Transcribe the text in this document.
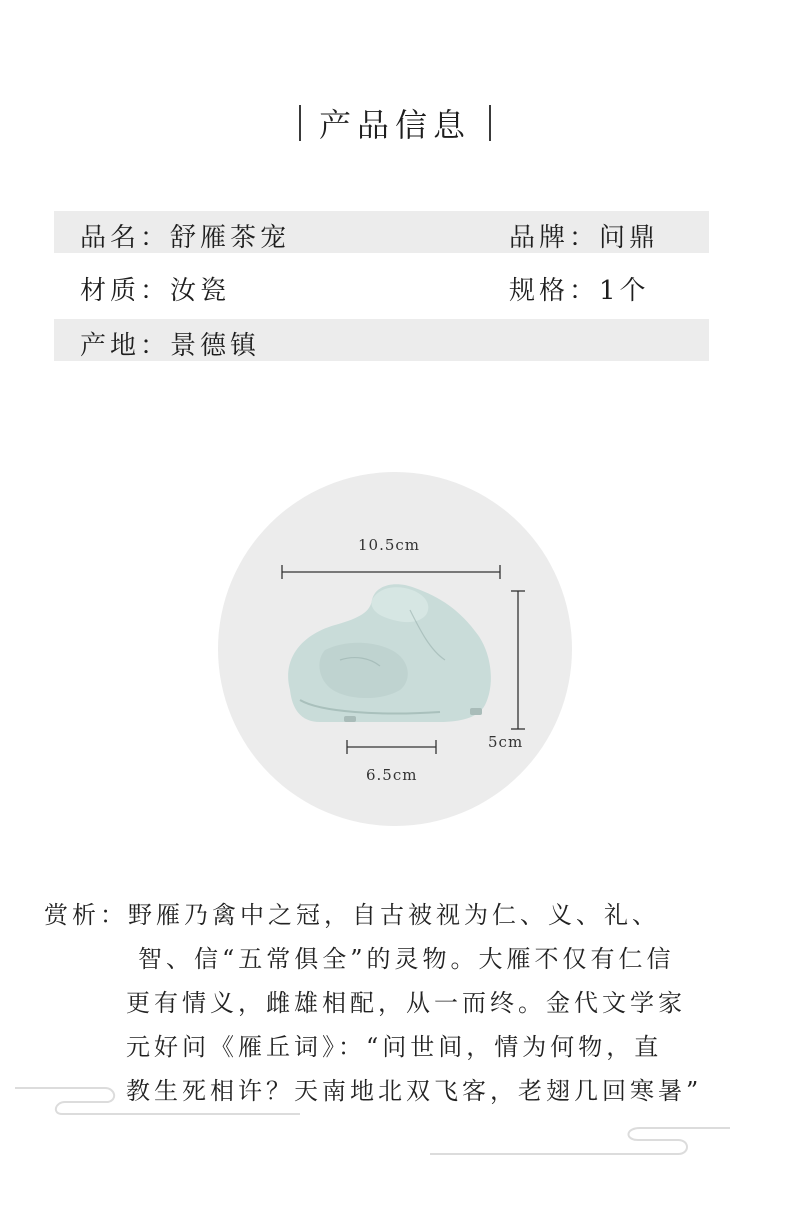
产品信息
品名：舒雁茶宠	品牌：问鼎
材质：汝瓷	规格：1个
产地：景德镇
10.5cm
5cm
6.5cm
赏析：野雁乃禽中之冠，自古被视为仁、义、礼、
智、信“五常俱全”的灵物。大雁不仅有仁信
更有情义，雌雄相配，从一而终。金代文学家
元好问《雁丘词》：“问世间，情为何物，直
教生死相许？天南地北双飞客，老翅几回寒暑”
